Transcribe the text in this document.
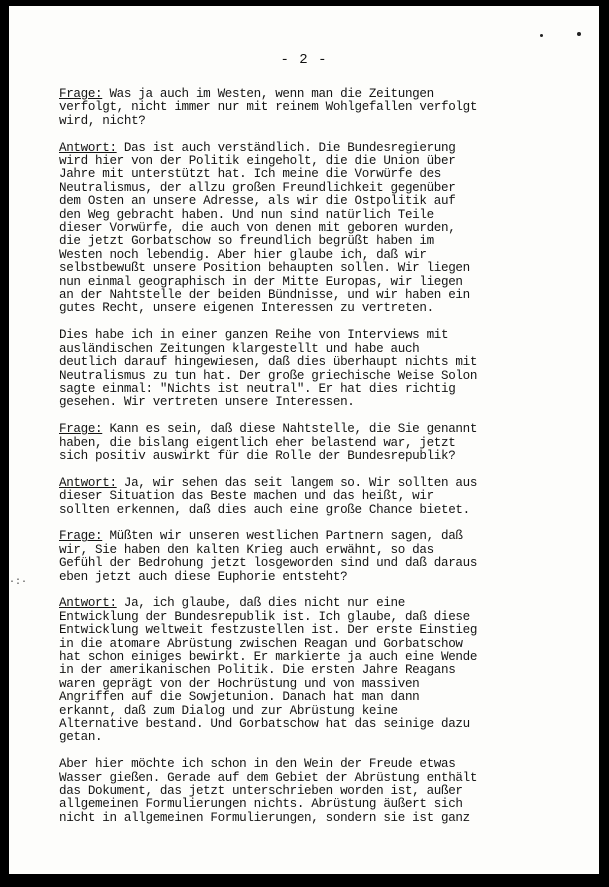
- 2 -
·:·
Frage: Was ja auch im Westen, wenn man die Zeitungen
verfolgt, nicht immer nur mit reinem Wohlgefallen verfolgt
wird, nicht?
Antwort: Das ist auch verständlich. Die Bundesregierung
wird hier von der Politik eingeholt, die die Union über
Jahre mit unterstützt hat. Ich meine die Vorwürfe des
Neutralismus, der allzu großen Freundlichkeit gegenüber
dem Osten an unsere Adresse, als wir die Ostpolitik auf
den Weg gebracht haben. Und nun sind natürlich Teile
dieser Vorwürfe, die auch von denen mit geboren wurden,
die jetzt Gorbatschow so freundlich begrüßt haben im
Westen noch lebendig. Aber hier glaube ich, daß wir
selbstbewußt unsere Position behaupten sollen. Wir liegen
nun einmal geographisch in der Mitte Europas, wir liegen
an der Nahtstelle der beiden Bündnisse, und wir haben ein
gutes Recht, unsere eigenen Interessen zu vertreten.
Dies habe ich in einer ganzen Reihe von Interviews mit
ausländischen Zeitungen klargestellt und habe auch
deutlich darauf hingewiesen, daß dies überhaupt nichts mit
Neutralismus zu tun hat. Der große griechische Weise Solon
sagte einmal: "Nichts ist neutral". Er hat dies richtig
gesehen. Wir vertreten unsere Interessen.
Frage: Kann es sein, daß diese Nahtstelle, die Sie genannt
haben, die bislang eigentlich eher belastend war, jetzt
sich positiv auswirkt für die Rolle der Bundesrepublik?
Antwort: Ja, wir sehen das seit langem so. Wir sollten aus
dieser Situation das Beste machen und das heißt, wir
sollten erkennen, daß dies auch eine große Chance bietet.
Frage: Müßten wir unseren westlichen Partnern sagen, daß
wir, Sie haben den kalten Krieg auch erwähnt, so das
Gefühl der Bedrohung jetzt losgeworden sind und daß daraus
eben jetzt auch diese Euphorie entsteht?
Antwort: Ja, ich glaube, daß dies nicht nur eine
Entwicklung der Bundesrepublik ist. Ich glaube, daß diese
Entwicklung weltweit festzustellen ist. Der erste Einstieg
in die atomare Abrüstung zwischen Reagan und Gorbatschow
hat schon einiges bewirkt. Er markierte ja auch eine Wende
in der amerikanischen Politik. Die ersten Jahre Reagans
waren geprägt von der Hochrüstung und von massiven
Angriffen auf die Sowjetunion. Danach hat man dann
erkannt, daß zum Dialog und zur Abrüstung keine
Alternative bestand. Und Gorbatschow hat das seinige dazu
getan.
Aber hier möchte ich schon in den Wein der Freude etwas
Wasser gießen. Gerade auf dem Gebiet der Abrüstung enthält
das Dokument, das jetzt unterschrieben worden ist, außer
allgemeinen Formulierungen nichts. Abrüstung äußert sich
nicht in allgemeinen Formulierungen, sondern sie ist ganz
